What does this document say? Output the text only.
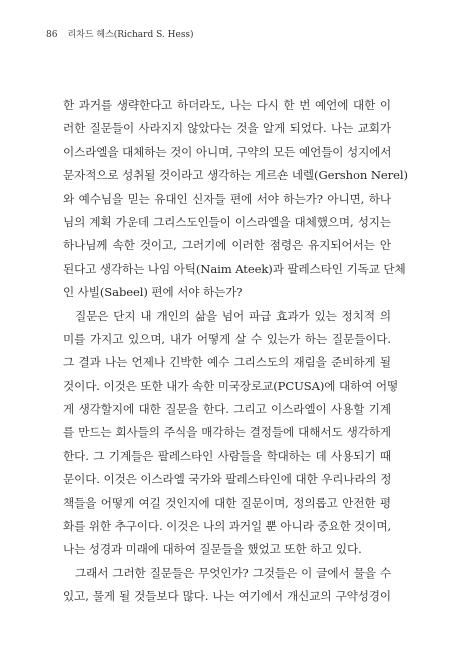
86 리차드 헤스(Richard S. Hess)
한 과거를 생략한다고 하더라도, 나는 다시 한 번 예언에 대한 이
러한 질문들이 사라지지 않았다는 것을 알게 되었다. 나는 교회가
이스라엘을 대체하는 것이 아니며, 구약의 모든 예언들이 성지에서
문자적으로 성취될 것이라고 생각하는 게르숀 네렐(Gershon Nerel)
와 예수님을 믿는 유대인 신자들 편에 서야 하는가? 아니면, 하나
님의 계획 가운데 그리스도인들이 이스라엘을 대체했으며, 성지는
하나님께 속한 것이고, 그러기에 이러한 점령은 유지되어서는 안
된다고 생각하는 나임 아틱(Naim Ateek)과 팔레스타인 기독교 단체
인 사빌(Sabeel) 편에 서야 하는가?
질문은 단지 내 개인의 삶을 넘어 파급 효과가 있는 정치적 의
미를 가지고 있으며, 내가 어떻게 살 수 있는가 하는 질문들이다.
그 결과 나는 언제나 긴박한 예수 그리스도의 재림을 준비하게 될
것이다. 이것은 또한 내가 속한 미국장로교(PCUSA)에 대하여 어떻
게 생각할지에 대한 질문을 한다. 그리고 이스라엘이 사용할 기계
를 만드는 회사들의 주식을 매각하는 결정들에 대해서도 생각하게
한다. 그 기계들은 팔레스타인 사람들을 학대하는 데 사용되기 때
문이다. 이것은 이스라엘 국가와 팔레스타인에 대한 우리나라의 정
책들을 어떻게 여길 것인지에 대한 질문이며, 정의롭고 안전한 평
화를 위한 추구이다. 이것은 나의 과거일 뿐 아니라 중요한 것이며,
나는 성경과 미래에 대하여 질문들을 했었고 또한 하고 있다.
그래서 그러한 질문들은 무엇인가? 그것들은 이 글에서 물을 수
있고, 물게 될 것들보다 많다. 나는 여기에서 개신교의 구약성경이
